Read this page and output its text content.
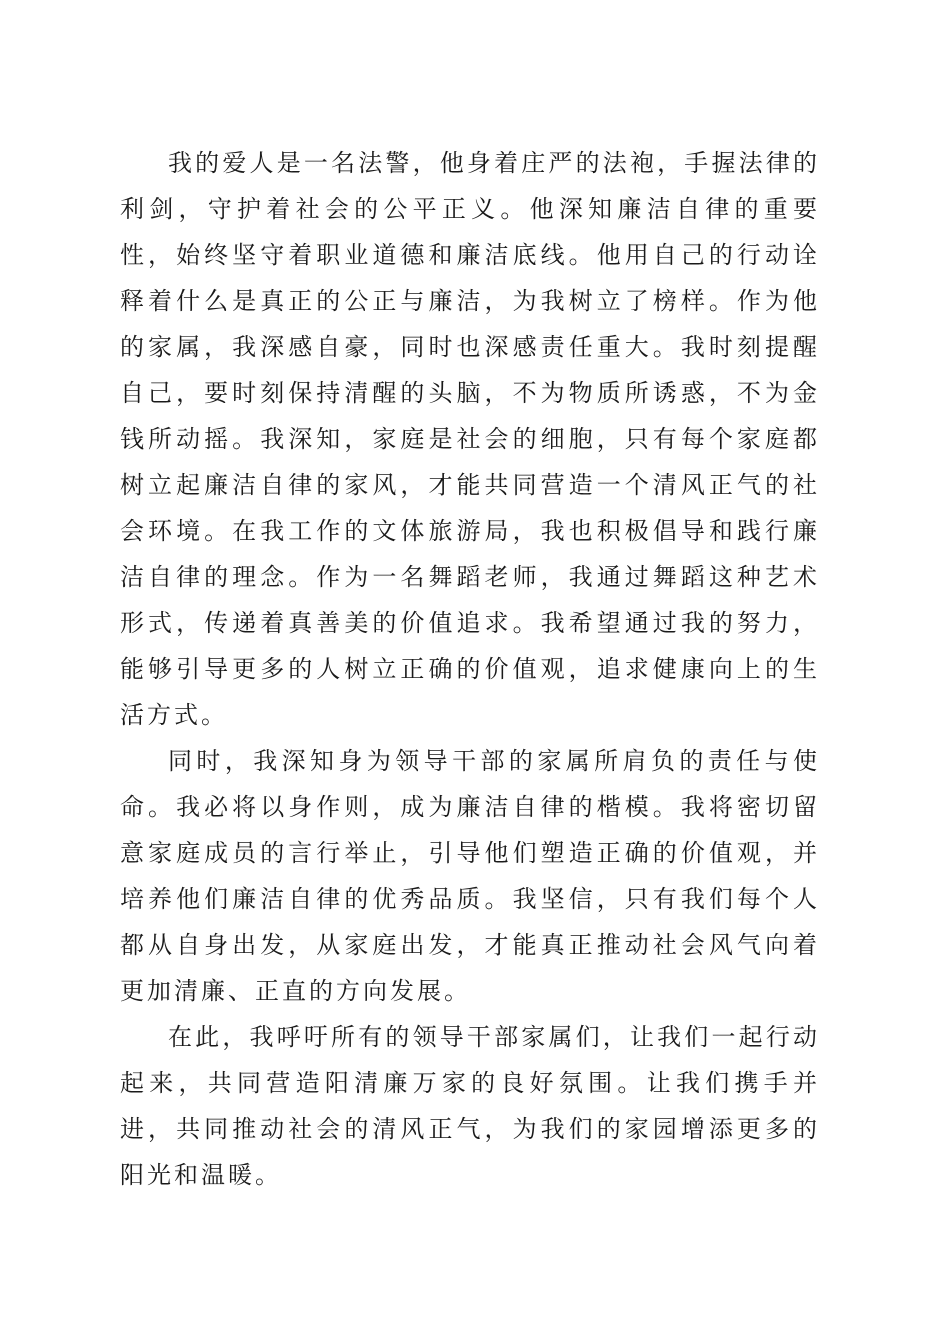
我的爱人是一名法警，他身着庄严的法袍，手握法律的利剑，守护着社会的公平正义。他深知廉洁自律的重要性，始终坚守着职业道德和廉洁底线。他用自己的行动诠释着什么是真正的公正与廉洁，为我树立了榜样。作为他的家属，我深感自豪，同时也深感责任重大。我时刻提醒自己，要时刻保持清醒的头脑，不为物质所诱惑，不为金钱所动摇。我深知，家庭是社会的细胞，只有每个家庭都树立起廉洁自律的家风，才能共同营造一个清风正气的社会环境。在我工作的文体旅游局，我也积极倡导和践行廉洁自律的理念。作为一名舞蹈老师，我通过舞蹈这种艺术形式，传递着真善美的价值追求。我希望通过我的努力，能够引导更多的人树立正确的价值观，追求健康向上的生活方式。

同时，我深知身为领导干部的家属所肩负的责任与使命。我必将以身作则，成为廉洁自律的楷模。我将密切留意家庭成员的言行举止，引导他们塑造正确的价值观，并培养他们廉洁自律的优秀品质。我坚信，只有我们每个人都从自身出发，从家庭出发，才能真正推动社会风气向着更加清廉、正直的方向发展。

在此，我呼吁所有的领导干部家属们，让我们一起行动起来，共同营造阳清廉万家的良好氛围。让我们携手并进，共同推动社会的清风正气，为我们的家园增添更多的阳光和温暖。
